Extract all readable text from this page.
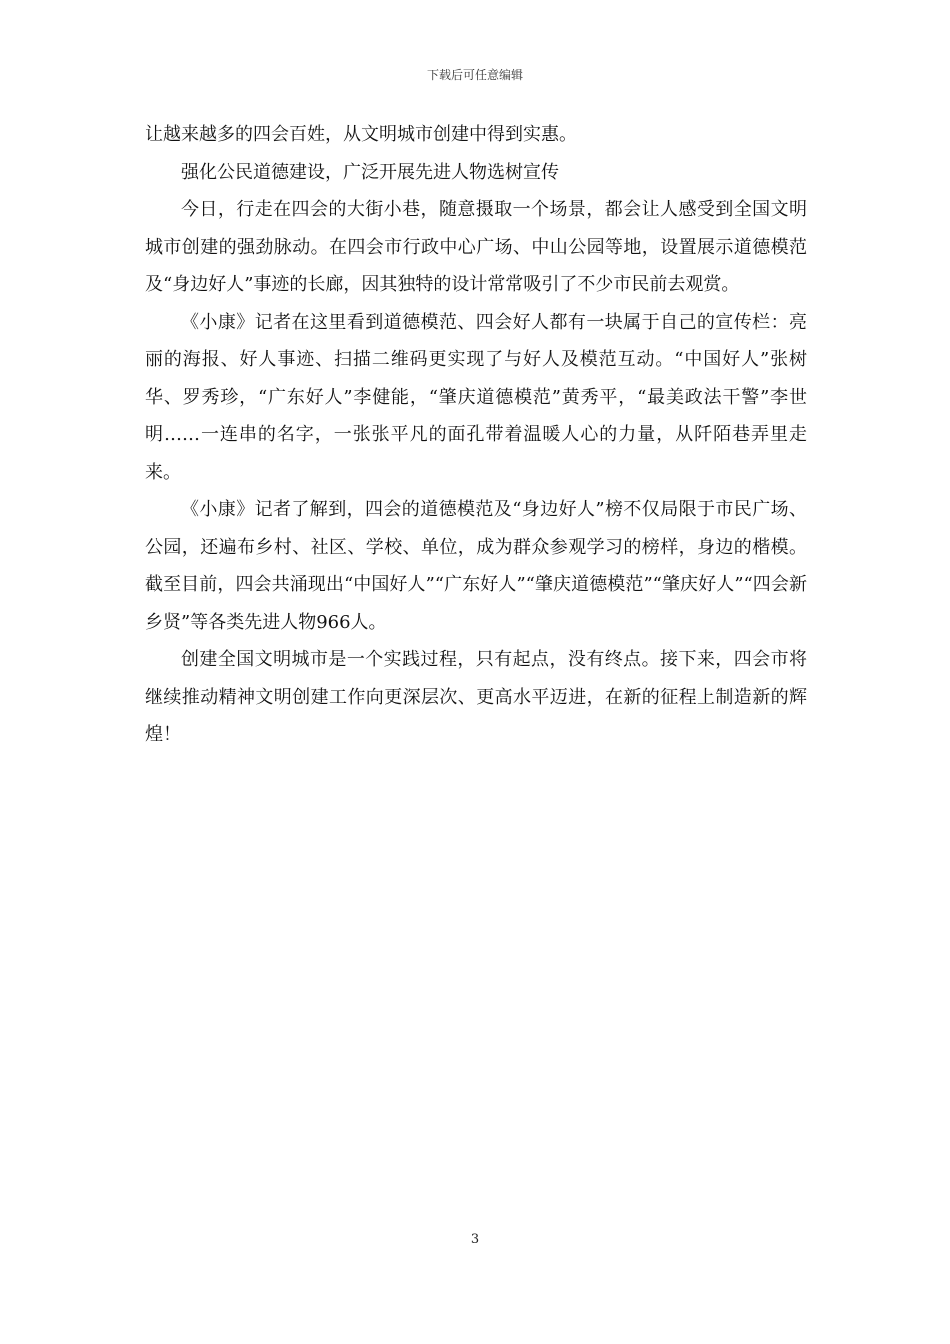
下载后可任意编辑

让越来越多的四会百姓，从文明城市创建中得到实惠。

强化公民道德建设，广泛开展先进人物选树宣传

今日，行走在四会的大街小巷，随意摄取一个场景，都会让人感受到全国文明城市创建的强劲脉动。在四会市行政中心广场、中山公园等地，设置展示道德模范及“身边好人”事迹的长廊，因其独特的设计常常吸引了不少市民前去观赏。

《小康》记者在这里看到道德模范、四会好人都有一块属于自己的宣传栏：亮丽的海报、好人事迹、扫描二维码更实现了与好人及模范互动。“中国好人”张树华、罗秀珍，“广东好人”李健能，“肇庆道德模范”黄秀平，“最美政法干警”李世明……一连串的名字，一张张平凡的面孔带着温暖人心的力量，从阡陌巷弄里走来。

《小康》记者了解到，四会的道德模范及“身边好人”榜不仅局限于市民广场、公园，还遍布乡村、社区、学校、单位，成为群众参观学习的榜样，身边的楷模。截至目前，四会共涌现出“中国好人”“广东好人”“肇庆道德模范”“肇庆好人”“四会新乡贤”等各类先进人物966人。

创建全国文明城市是一个实践过程，只有起点，没有终点。接下来，四会市将继续推动精神文明创建工作向更深层次、更高水平迈进，在新的征程上制造新的辉煌！

3
